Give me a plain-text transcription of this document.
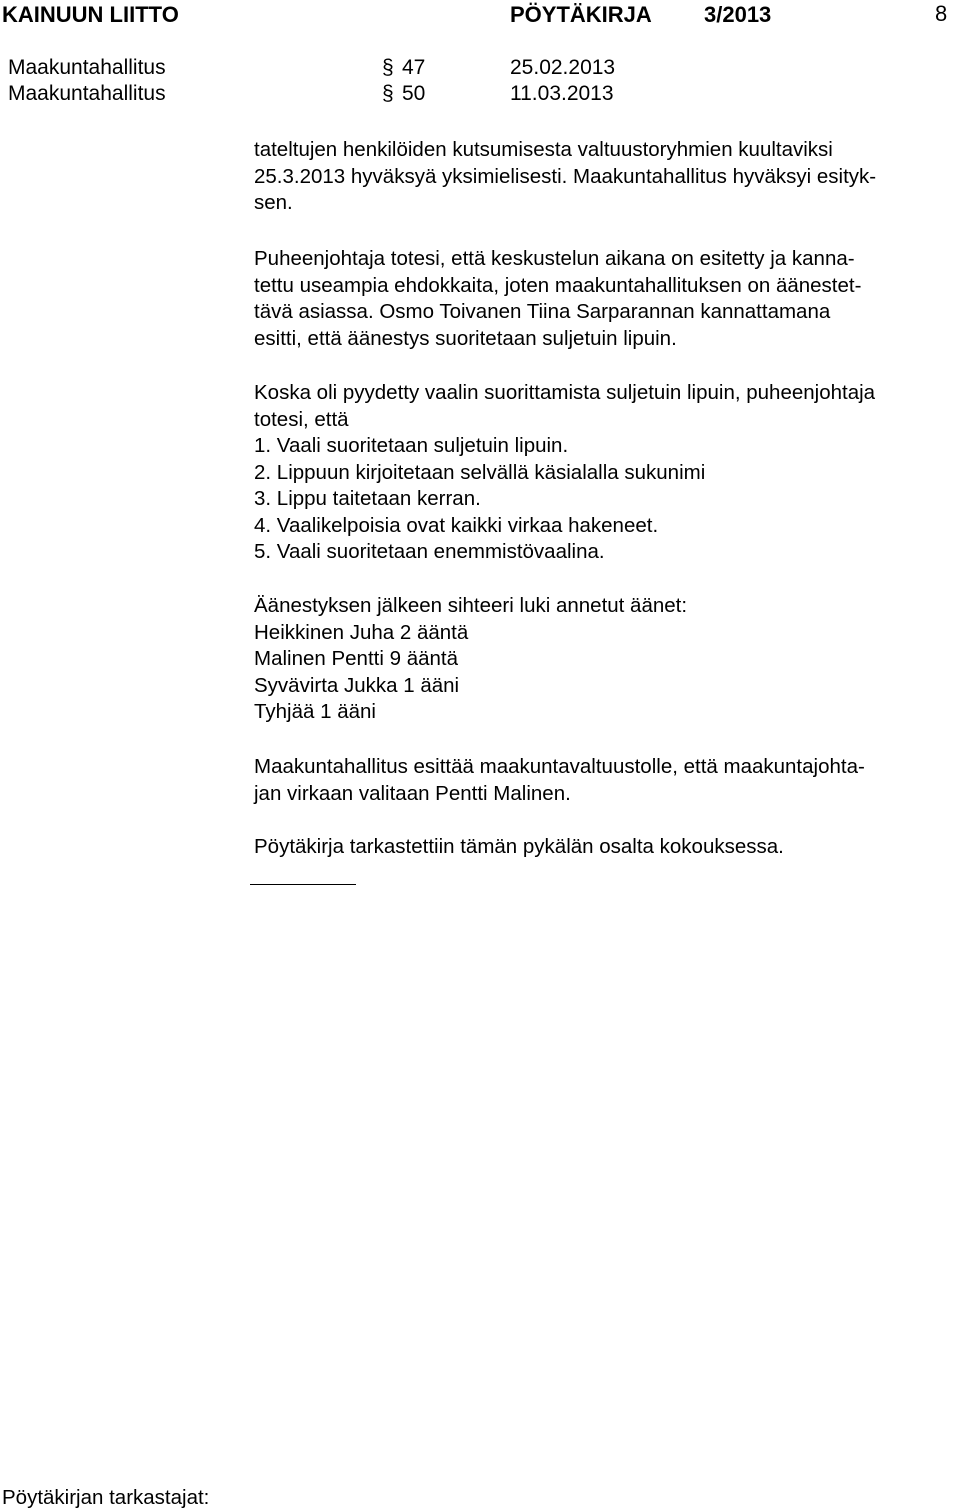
KAINUUN LIITTO	PÖYTÄKIRJA 3/2013	8
Maakuntahallitus	§ 47	25.02.2013
Maakuntahallitus	§ 50	11.03.2013
tateltujen henkilöiden kutsumisesta valtuustoryhmien kuultaviksi
25.3.2013 hyväksyä yksimielisesti. Maakuntahallitus hyväksyi esityk-
sen.
Puheenjohtaja totesi, että keskustelun aikana on esitetty ja kanna-
tettu useampia ehdokkaita, joten maakuntahallituksen on äänestet-
tävä asiassa. Osmo Toivanen Tiina Sarparannan kannattamana
esitti, että äänestys suoritetaan suljetuin lipuin.
Koska oli pyydetty vaalin suorittamista suljetuin lipuin, puheenjohtaja
totesi, että
1. Vaali suoritetaan suljetuin lipuin.
2. Lippuun kirjoitetaan selvällä käsialalla sukunimi
3. Lippu taitetaan kerran.
4. Vaalikelpoisia ovat kaikki virkaa hakeneet.
5. Vaali suoritetaan enemmistövaalina.
Äänestyksen jälkeen sihteeri luki annetut äänet:
Heikkinen Juha 2 ääntä
Malinen Pentti 9 ääntä
Syvävirta Jukka 1 ääni
Tyhjää 1 ääni
Maakuntahallitus esittää maakuntavaltuustolle, että maakuntajohta-
jan virkaan valitaan Pentti Malinen.
Pöytäkirja tarkastettiin tämän pykälän osalta kokouksessa.
Pöytäkirjan tarkastajat:
